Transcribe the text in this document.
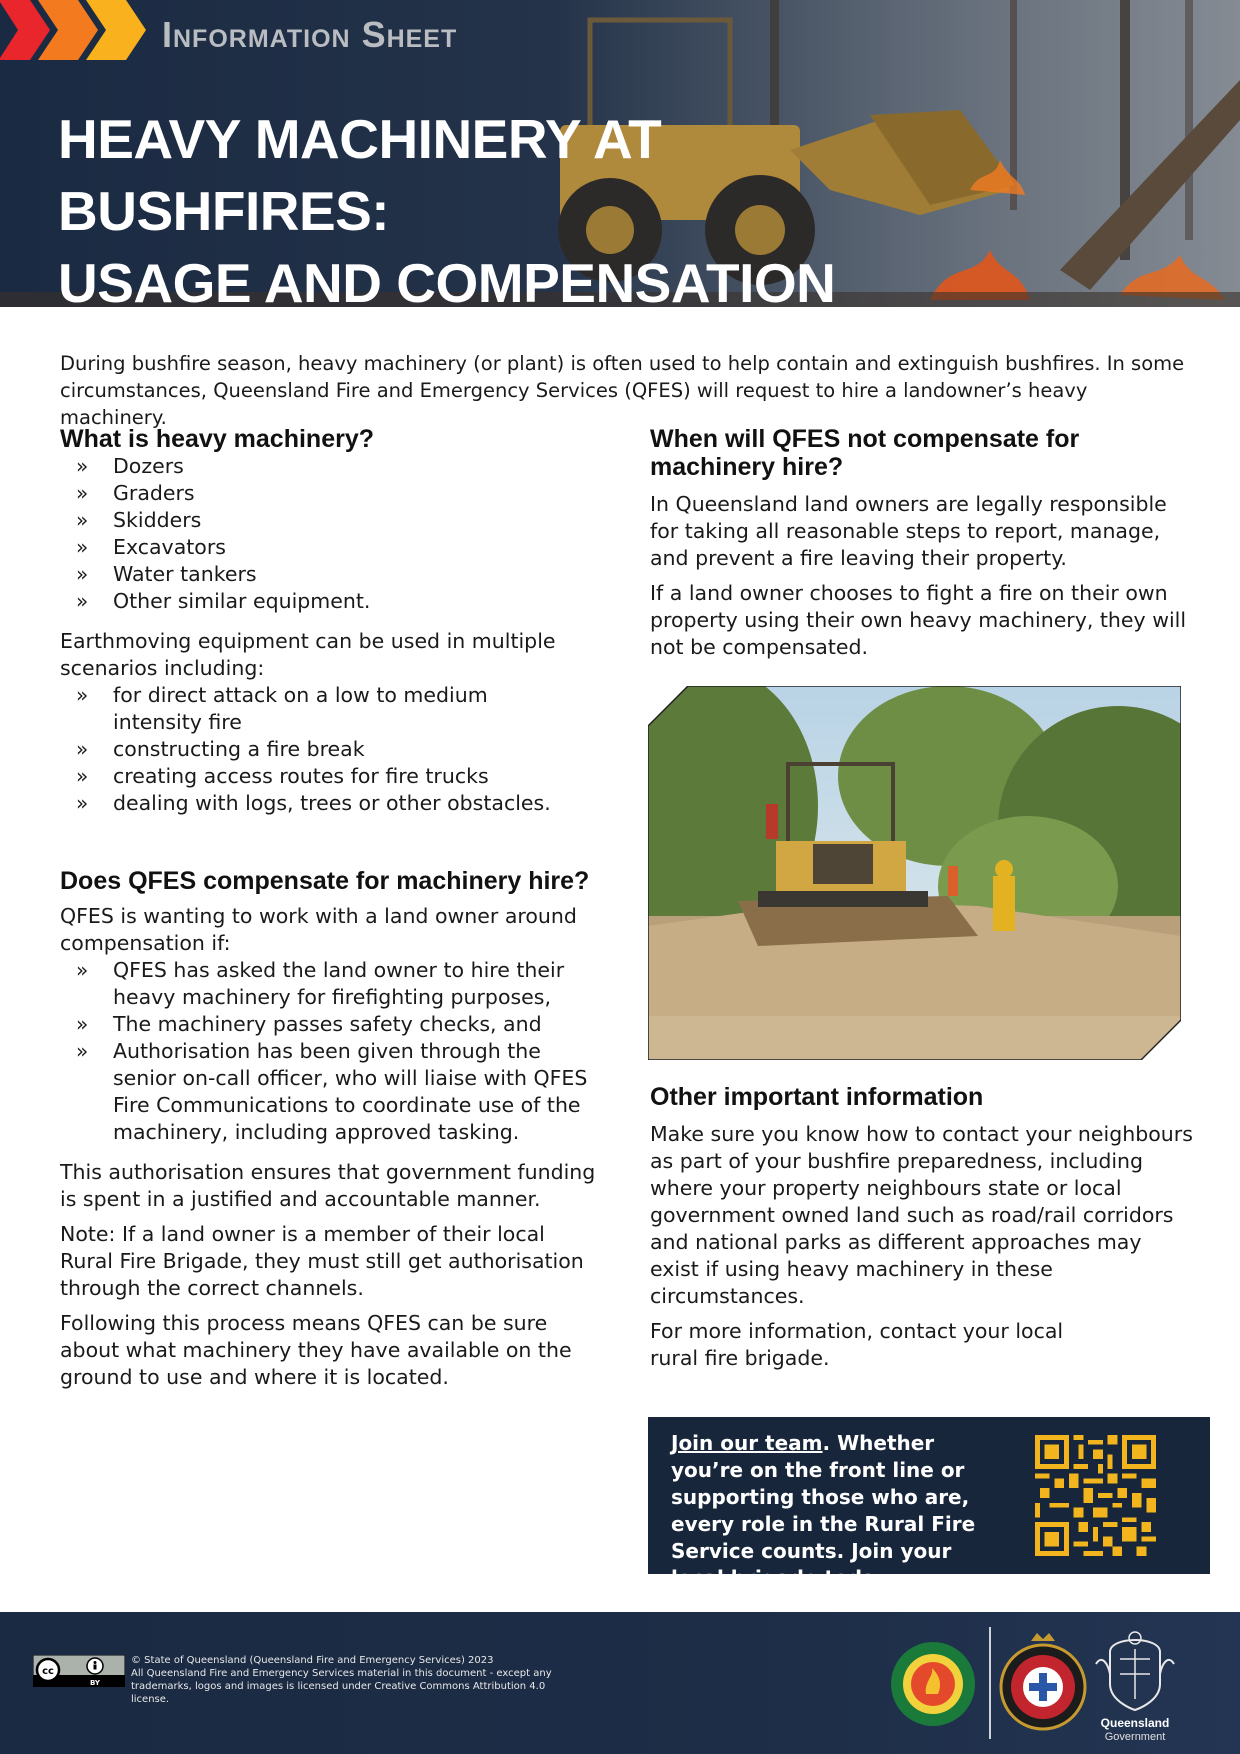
Information Sheet
HEAVY MACHINERY AT BUSHFIRES:
USAGE AND COMPENSATION

During bushfire season, heavy machinery (or plant) is often used to help contain and extinguish bushfires. In some circumstances, Queensland Fire and Emergency Services (QFES) will request to hire a landowner’s heavy machinery.

What is heavy machinery?
» Dozers
» Graders
» Skidders
» Excavators
» Water tankers
» Other similar equipment.

Earthmoving equipment can be used in multiple scenarios including:

» for direct attack on a low to medium intensity fire
» constructing a fire break
» creating access routes for fire trucks
» dealing with logs, trees or other obstacles.
Does QFES compensate for machinery hire?

QFES is wanting to work with a land owner around compensation if:

» QFES has asked the land owner to hire their heavy machinery for firefighting purposes,
» The machinery passes safety checks, and
» Authorisation has been given through the senior on-call officer, who will liaise with QFES Fire Communications to coordinate use of the machinery, including approved tasking.

This authorisation ensures that government funding is spent in a justified and accountable manner.

Note: If a land owner is a member of their local Rural Fire Brigade, they must still get authorisation through the correct channels.

Following this process means QFES can be sure about what machinery they have available on the ground to use and where it is located.

When will QFES not compensate for machinery hire?

In Queensland land owners are legally responsible for taking all reasonable steps to report, manage, and prevent a fire leaving their property.

If a land owner chooses to fight a fire on their own property using their own heavy machinery, they will not be compensated.

Other important information

Make sure you know how to contact your neighbours as part of your bushfire preparedness, including where your property neighbours state or local government owned land such as road/rail corridors and national parks as different approaches may exist if using heavy machinery in these circumstances.

For more information, contact your local rural fire brigade.

Join our team. Whether you’re on the front line or supporting those who are, every role in the Rural Fire Service counts. Join your local brigade today.
cc
BY
© State of Queensland (Queensland Fire and Emergency Services) 2023
All Queensland Fire and Emergency Services material in this document - except any trademarks, logos and images is licensed under Creative Commons Attribution 4.0 license.
Queensland
Government
